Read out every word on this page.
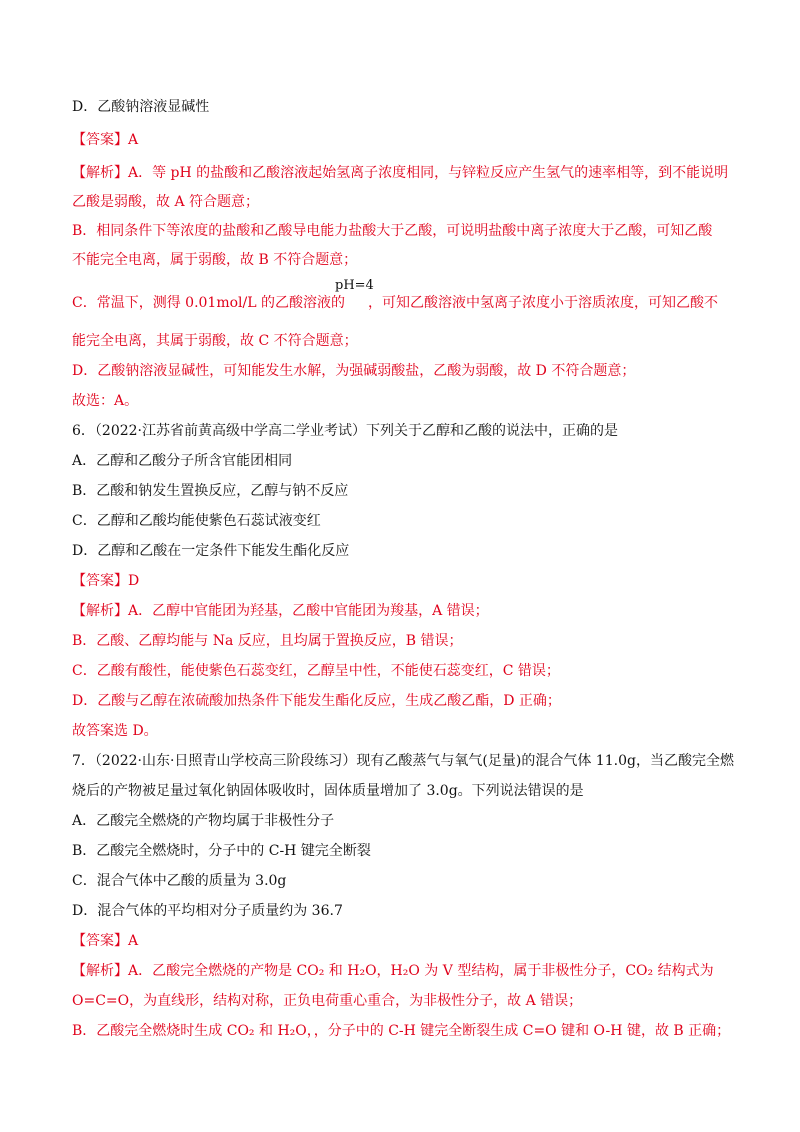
D．乙酸钠溶液显碱性
【答案】A
【解析】A．等 pH 的盐酸和乙酸溶液起始氢离子浓度相同，与锌粒反应产生氢气的速率相等，到不能说明
乙酸是弱酸，故 A 符合题意；
B．相同条件下等浓度的盐酸和乙酸导电能力盐酸大于乙酸，可说明盐酸中离子浓度大于乙酸，可知乙酸
不能完全电离，属于弱酸，故 B 不符合题意；
pH=4
C．常温下，测得 0.01mol/L 的乙酸溶液的 ，可知乙酸溶液中氢离子浓度小于溶质浓度，可知乙酸不
能完全电离，其属于弱酸，故 C 不符合题意；
D．乙酸钠溶液显碱性，可知能发生水解，为强碱弱酸盐，乙酸为弱酸，故 D 不符合题意；
故选：A。
6．（2022·江苏省前黄高级中学高二学业考试）下列关于乙醇和乙酸的说法中，正确的是
A．乙醇和乙酸分子所含官能团相同
B．乙酸和钠发生置换反应，乙醇与钠不反应
C．乙醇和乙酸均能使紫色石蕊试液变红
D．乙醇和乙酸在一定条件下能发生酯化反应
【答案】D
【解析】A．乙醇中官能团为羟基，乙酸中官能团为羧基，A 错误；
B．乙酸、乙醇均能与 Na 反应，且均属于置换反应，B 错误；
C．乙酸有酸性，能使紫色石蕊变红，乙醇呈中性，不能使石蕊变红，C 错误；
D．乙酸与乙醇在浓硫酸加热条件下能发生酯化反应，生成乙酸乙酯，D 正确；
故答案选 D。
7．（2022·山东·日照青山学校高三阶段练习）现有乙酸蒸气与氧气(足量)的混合气体 11.0g，当乙酸完全燃
烧后的产物被足量过氧化钠固体吸收时，固体质量增加了 3.0g。下列说法错误的是
A．乙酸完全燃烧的产物均属于非极性分子
B．乙酸完全燃烧时，分子中的 C-H 键完全断裂
C．混合气体中乙酸的质量为 3.0g
D．混合气体的平均相对分子质量约为 36.7
【答案】A
【解析】A．乙酸完全燃烧的产物是 CO₂ 和 H₂O，H₂O 为 V 型结构，属于非极性分子，CO₂ 结构式为
O=C=O，为直线形，结构对称，正负电荷重心重合，为非极性分子，故 A 错误；
B．乙酸完全燃烧时生成 CO₂ 和 H₂O，，分子中的 C-H 键完全断裂生成 C=O 键和 O-H 键，故 B 正确；
